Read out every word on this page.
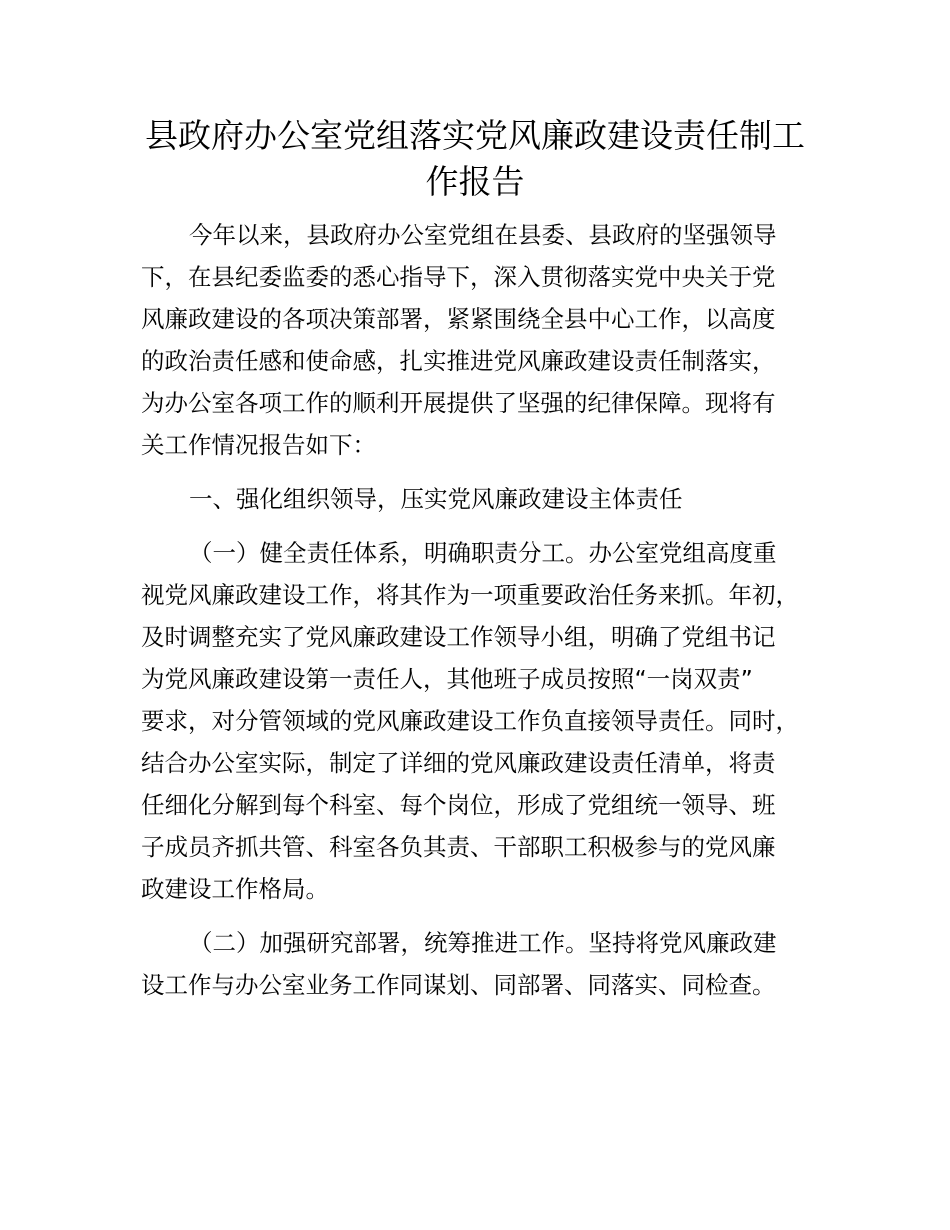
县政府办公室党组落实党风廉政建设责任制工
作报告
今年以来，县政府办公室党组在县委、县政府的坚强领导
下，在县纪委监委的悉心指导下，深入贯彻落实党中央关于党
风廉政建设的各项决策部署，紧紧围绕全县中心工作，以高度
的政治责任感和使命感，扎实推进党风廉政建设责任制落实，
为办公室各项工作的顺利开展提供了坚强的纪律保障。现将有
关工作情况报告如下：
一、强化组织领导，压实党风廉政建设主体责任
（一）健全责任体系，明确职责分工。办公室党组高度重
视党风廉政建设工作，将其作为一项重要政治任务来抓。年初，
及时调整充实了党风廉政建设工作领导小组，明确了党组书记
为党风廉政建设第一责任人，其他班子成员按照“一岗双责”
要求，对分管领域的党风廉政建设工作负直接领导责任。同时，
结合办公室实际，制定了详细的党风廉政建设责任清单，将责
任细化分解到每个科室、每个岗位，形成了党组统一领导、班
子成员齐抓共管、科室各负其责、干部职工积极参与的党风廉
政建设工作格局。
（二）加强研究部署，统筹推进工作。坚持将党风廉政建
设工作与办公室业务工作同谋划、同部署、同落实、同检查。
